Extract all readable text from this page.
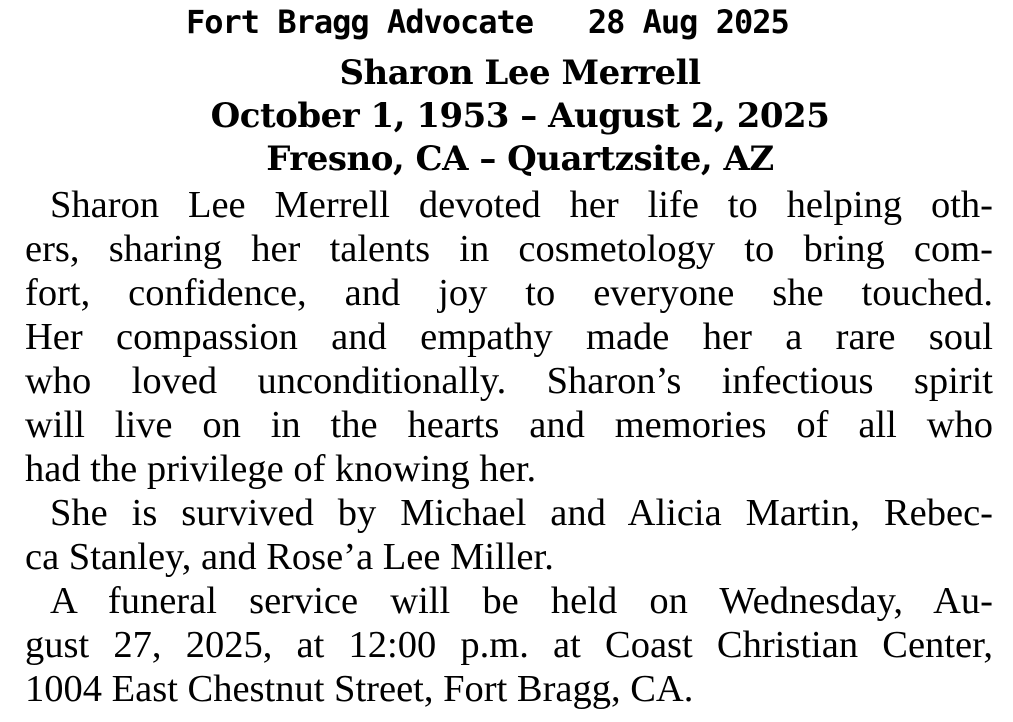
Fort Bragg Advocate   28 Aug 2025
Sharon Lee Merrell
October 1, 1953 – August 2, 2025
Fresno, CA – Quartzsite, AZ
Sharon Lee Merrell devoted her life to helping oth-
ers, sharing her talents in cosmetology to bring com-
fort, confidence, and joy to everyone she touched.
Her compassion and empathy made her a rare soul
who loved unconditionally. Sharon’s infectious spirit
will live on in the hearts and memories of all who
had the privilege of knowing her.
She is survived by Michael and Alicia Martin, Rebec-
ca Stanley, and Rose’a Lee Miller.
A funeral service will be held on Wednesday, Au-
gust 27, 2025, at 12:00 p.m. at Coast Christian Center,
1004 East Chestnut Street, Fort Bragg, CA.
